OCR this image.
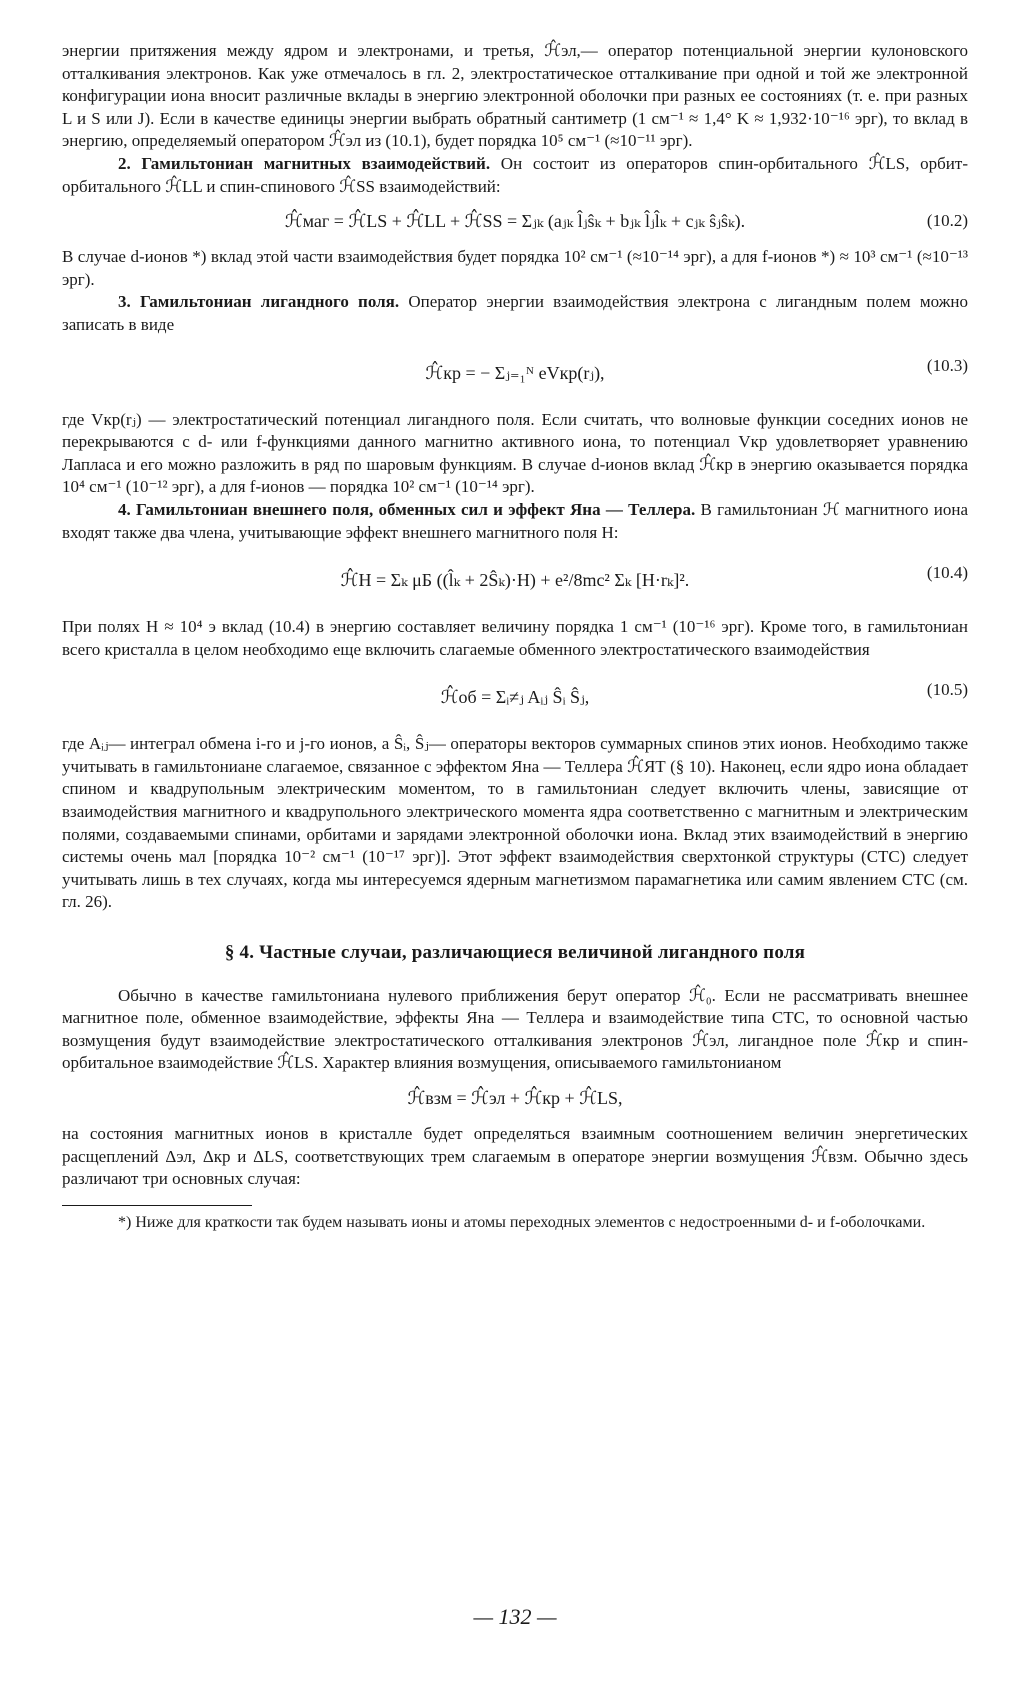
энергии притяжения между ядром и электронами, и третья, ℋ̂эл,— оператор потенциальной энергии кулоновского отталкивания электронов. Как уже отмечалось в гл. 2, электростатическое отталкивание при одной и той же электронной конфигурации иона вносит различные вклады в энергию электронной оболочки при разных ее состояниях (т. е. при разных L и S или J). Если в качестве единицы энергии выбрать обратный сантиметр (1 см⁻¹ ≈ 1,4° K ≈ 1,932·10⁻¹⁶ эрг), то вклад в энергию, определяемый оператором ℋ̂эл из (10.1), будет порядка 10⁵ см⁻¹ (≈10⁻¹¹ эрг).

2. Гамильтониан магнитных взаимодействий. Он состоит из операторов спин-орбитального ℋ̂LS, орбит-орбитального ℋ̂LL и спин-спинового ℋ̂SS взаимодействий:

ℋ̂маг = ℋ̂LS + ℋ̂LL + ℋ̂SS = Σⱼₖ (aⱼₖ l̂ⱼŝₖ + bⱼₖ l̂ⱼl̂ₖ + cⱼₖ ŝⱼŝₖ).	(10.2)

В случае d-ионов *) вклад этой части взаимодействия будет порядка 10² см⁻¹ (≈10⁻¹⁴ эрг), а для f-ионов *) ≈ 10³ см⁻¹ (≈10⁻¹³ эрг).

3. Гамильтониан лигандного поля. Оператор энергии взаимодействия электрона с лигандным полем можно записать в виде

ℋ̂кр = − Σⱼ₌₁ᴺ eVкр(rⱼ),	(10.3)

где Vкр(rⱼ) — электростатический потенциал лигандного поля. Если считать, что волновые функции соседних ионов не перекрываются с d- или f-функциями данного магнитно активного иона, то потенциал Vкр удовлетворяет уравнению Лапласа и его можно разложить в ряд по шаровым функциям. В случае d-ионов вклад ℋ̂кр в энергию оказывается порядка 10⁴ см⁻¹ (10⁻¹² эрг), а для f-ионов — порядка 10² см⁻¹ (10⁻¹⁴ эрг).

4. Гамильтониан внешнего поля, обменных сил и эффект Яна — Теллера. В гамильтониан ℋ магнитного иона входят также два члена, учитывающие эффект внешнего магнитного поля H:

ℋ̂H = Σₖ μБ ((l̂ₖ + 2Ŝₖ)·H) + e²/8mc² Σₖ [H·rₖ]².	(10.4)

При полях H ≈ 10⁴ э вклад (10.4) в энергию составляет величину порядка 1 см⁻¹ (10⁻¹⁶ эрг). Кроме того, в гамильтониан всего кристалла в целом необходимо еще включить слагаемые обменного электростатического взаимодействия

ℋ̂об = Σᵢ≠ⱼ Aᵢⱼ Ŝᵢ Ŝⱼ,	(10.5)

где Aᵢⱼ— интеграл обмена i-го и j-го ионов, а Ŝᵢ, Ŝⱼ— операторы векторов суммарных спинов этих ионов. Необходимо также учитывать в гамильтониане слагаемое, связанное с эффектом Яна — Теллера ℋ̂ЯТ (§ 10). Наконец, если ядро иона обладает спином и квадрупольным электрическим моментом, то в гамильтониан следует включить члены, зависящие от взаимодействия магнитного и квадрупольного электрического момента ядра соответственно с магнитным и электрическим полями, создаваемыми спинами, орбитами и зарядами электронной оболочки иона. Вклад этих взаимодействий в энергию системы очень мал [порядка 10⁻² см⁻¹ (10⁻¹⁷ эрг)]. Этот эффект взаимодействия сверхтонкой структуры (СТС) следует учитывать лишь в тех случаях, когда мы интересуемся ядерным магнетизмом парамагнетика или самим явлением СТС (см. гл. 26).

§ 4. Частные случаи, различающиеся величиной лигандного поля

Обычно в качестве гамильтониана нулевого приближения берут оператор ℋ̂₀. Если не рассматривать внешнее магнитное поле, обменное взаимодействие, эффекты Яна — Теллера и взаимодействие типа СТС, то основной частью возмущения будут взаимодействие электростатического отталкивания электронов ℋ̂эл, лигандное поле ℋ̂кр и спин-орбитальное взаимодействие ℋ̂LS. Характер влияния возмущения, описываемого гамильтонианом

ℋ̂взм = ℋ̂эл + ℋ̂кр + ℋ̂LS,

на состояния магнитных ионов в кристалле будет определяться взаимным соотношением величин энергетических расщеплений Δэл, Δкр и ΔLS, соответствующих трем слагаемым в операторе энергии возмущения ℋ̂взм. Обычно здесь различают три основных случая:

*) Ниже для краткости так будем называть ионы и атомы переходных элементов с недостроенными d- и f-оболочками.

— 132 —
